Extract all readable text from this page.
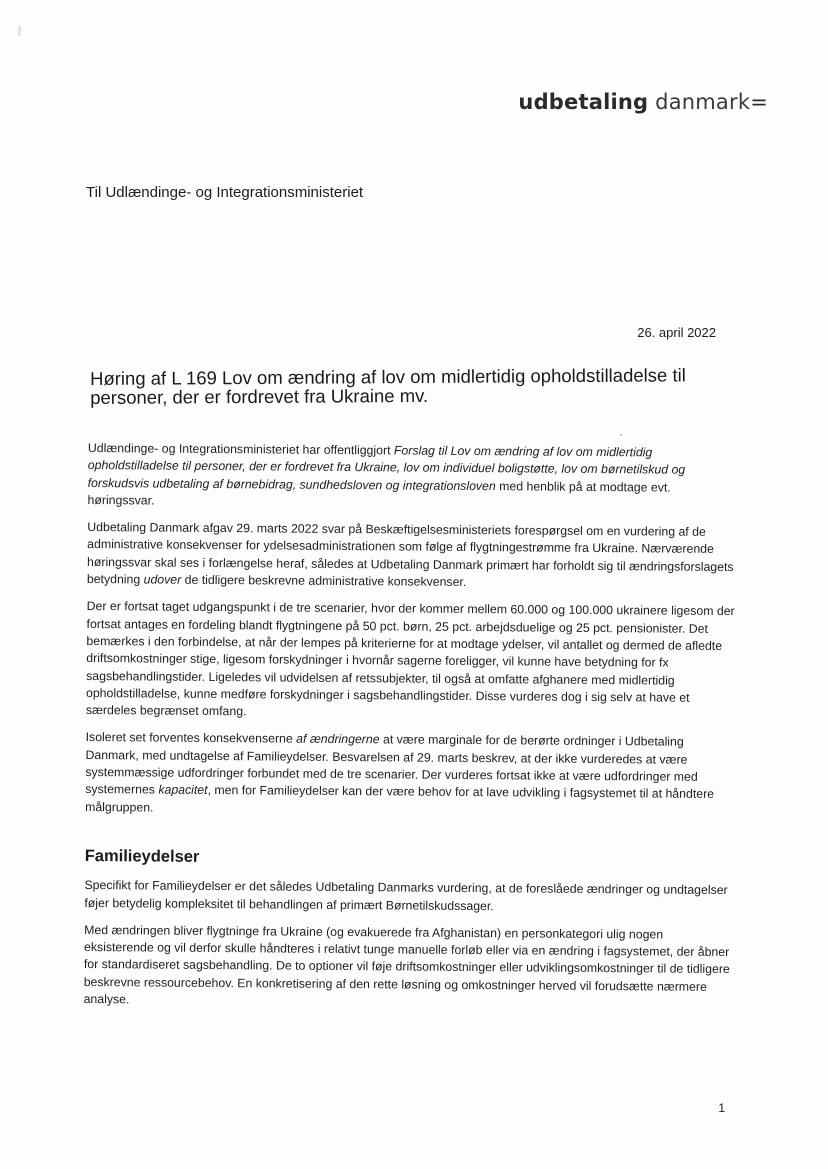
udbetaling danmark=
Til Udlændinge- og Integrationsministeriet
26. april 2022
Høring af L 169 Lov om ændring af lov om midlertidig opholdstilladelse til personer, der er fordrevet fra Ukraine mv.

Udlændinge- og Integrationsministeriet har offentliggjort Forslag til Lov om ændring af lov om midlertidig opholdstilladelse til personer, der er fordrevet fra Ukraine, lov om individuel boligstøtte, lov om børnetilskud og forskudsvis udbetaling af børnebidrag, sundhedsloven og integrationsloven med henblik på at modtage evt. høringssvar.

Udbetaling Danmark afgav 29. marts 2022 svar på Beskæftigelsesministeriets forespørgsel om en vurdering af de administrative konsekvenser for ydelsesadministrationen som følge af flygtningestrømme fra Ukraine. Nærværende høringssvar skal ses i forlængelse heraf, således at Udbetaling Danmark primært har forholdt sig til ændringsforslagets betydning udover de tidligere beskrevne administrative konsekvenser.

Der er fortsat taget udgangspunkt i de tre scenarier, hvor der kommer mellem 60.000 og 100.000 ukrainere ligesom der fortsat antages en fordeling blandt flygtningene på 50 pct. børn, 25 pct. arbejdsduelige og 25 pct. pensionister. Det bemærkes i den forbindelse, at når der lempes på kriterierne for at modtage ydelser, vil antallet og dermed de afledte driftsomkostninger stige, ligesom forskydninger i hvornår sagerne foreligger, vil kunne have betydning for fx sagsbehandlingstider. Ligeledes vil udvidelsen af retssubjekter, til også at omfatte afghanere med midlertidig opholdstilladelse, kunne medføre forskydninger i sagsbehandlingstider. Disse vurderes dog i sig selv at have et særdeles begrænset omfang.

Isoleret set forventes konsekvenserne af ændringerne at være marginale for de berørte ordninger i Udbetaling Danmark, med undtagelse af Familieydelser. Besvarelsen af 29. marts beskrev, at der ikke vurderedes at være systemmæssige udfordringer forbundet med de tre scenarier. Der vurderes fortsat ikke at være udfordringer med systemernes kapacitet, men for Familieydelser kan der være behov for at lave udvikling i fagsystemet til at håndtere målgruppen.

Familieydelser

Specifikt for Familieydelser er det således Udbetaling Danmarks vurdering, at de foreslåede ændringer og undtagelser føjer betydelig kompleksitet til behandlingen af primært Børnetilskudssager.

Med ændringen bliver flygtninge fra Ukraine (og evakuerede fra Afghanistan) en personkategori ulig nogen eksisterende og vil derfor skulle håndteres i relativt tunge manuelle forløb eller via en ændring i fagsystemet, der åbner for standardiseret sagsbehandling. De to optioner vil føje driftsomkostninger eller udviklingsomkostninger til de tidligere beskrevne ressourcebehov. En konkretisering af den rette løsning og omkostninger herved vil forudsætte nærmere analyse.

1
